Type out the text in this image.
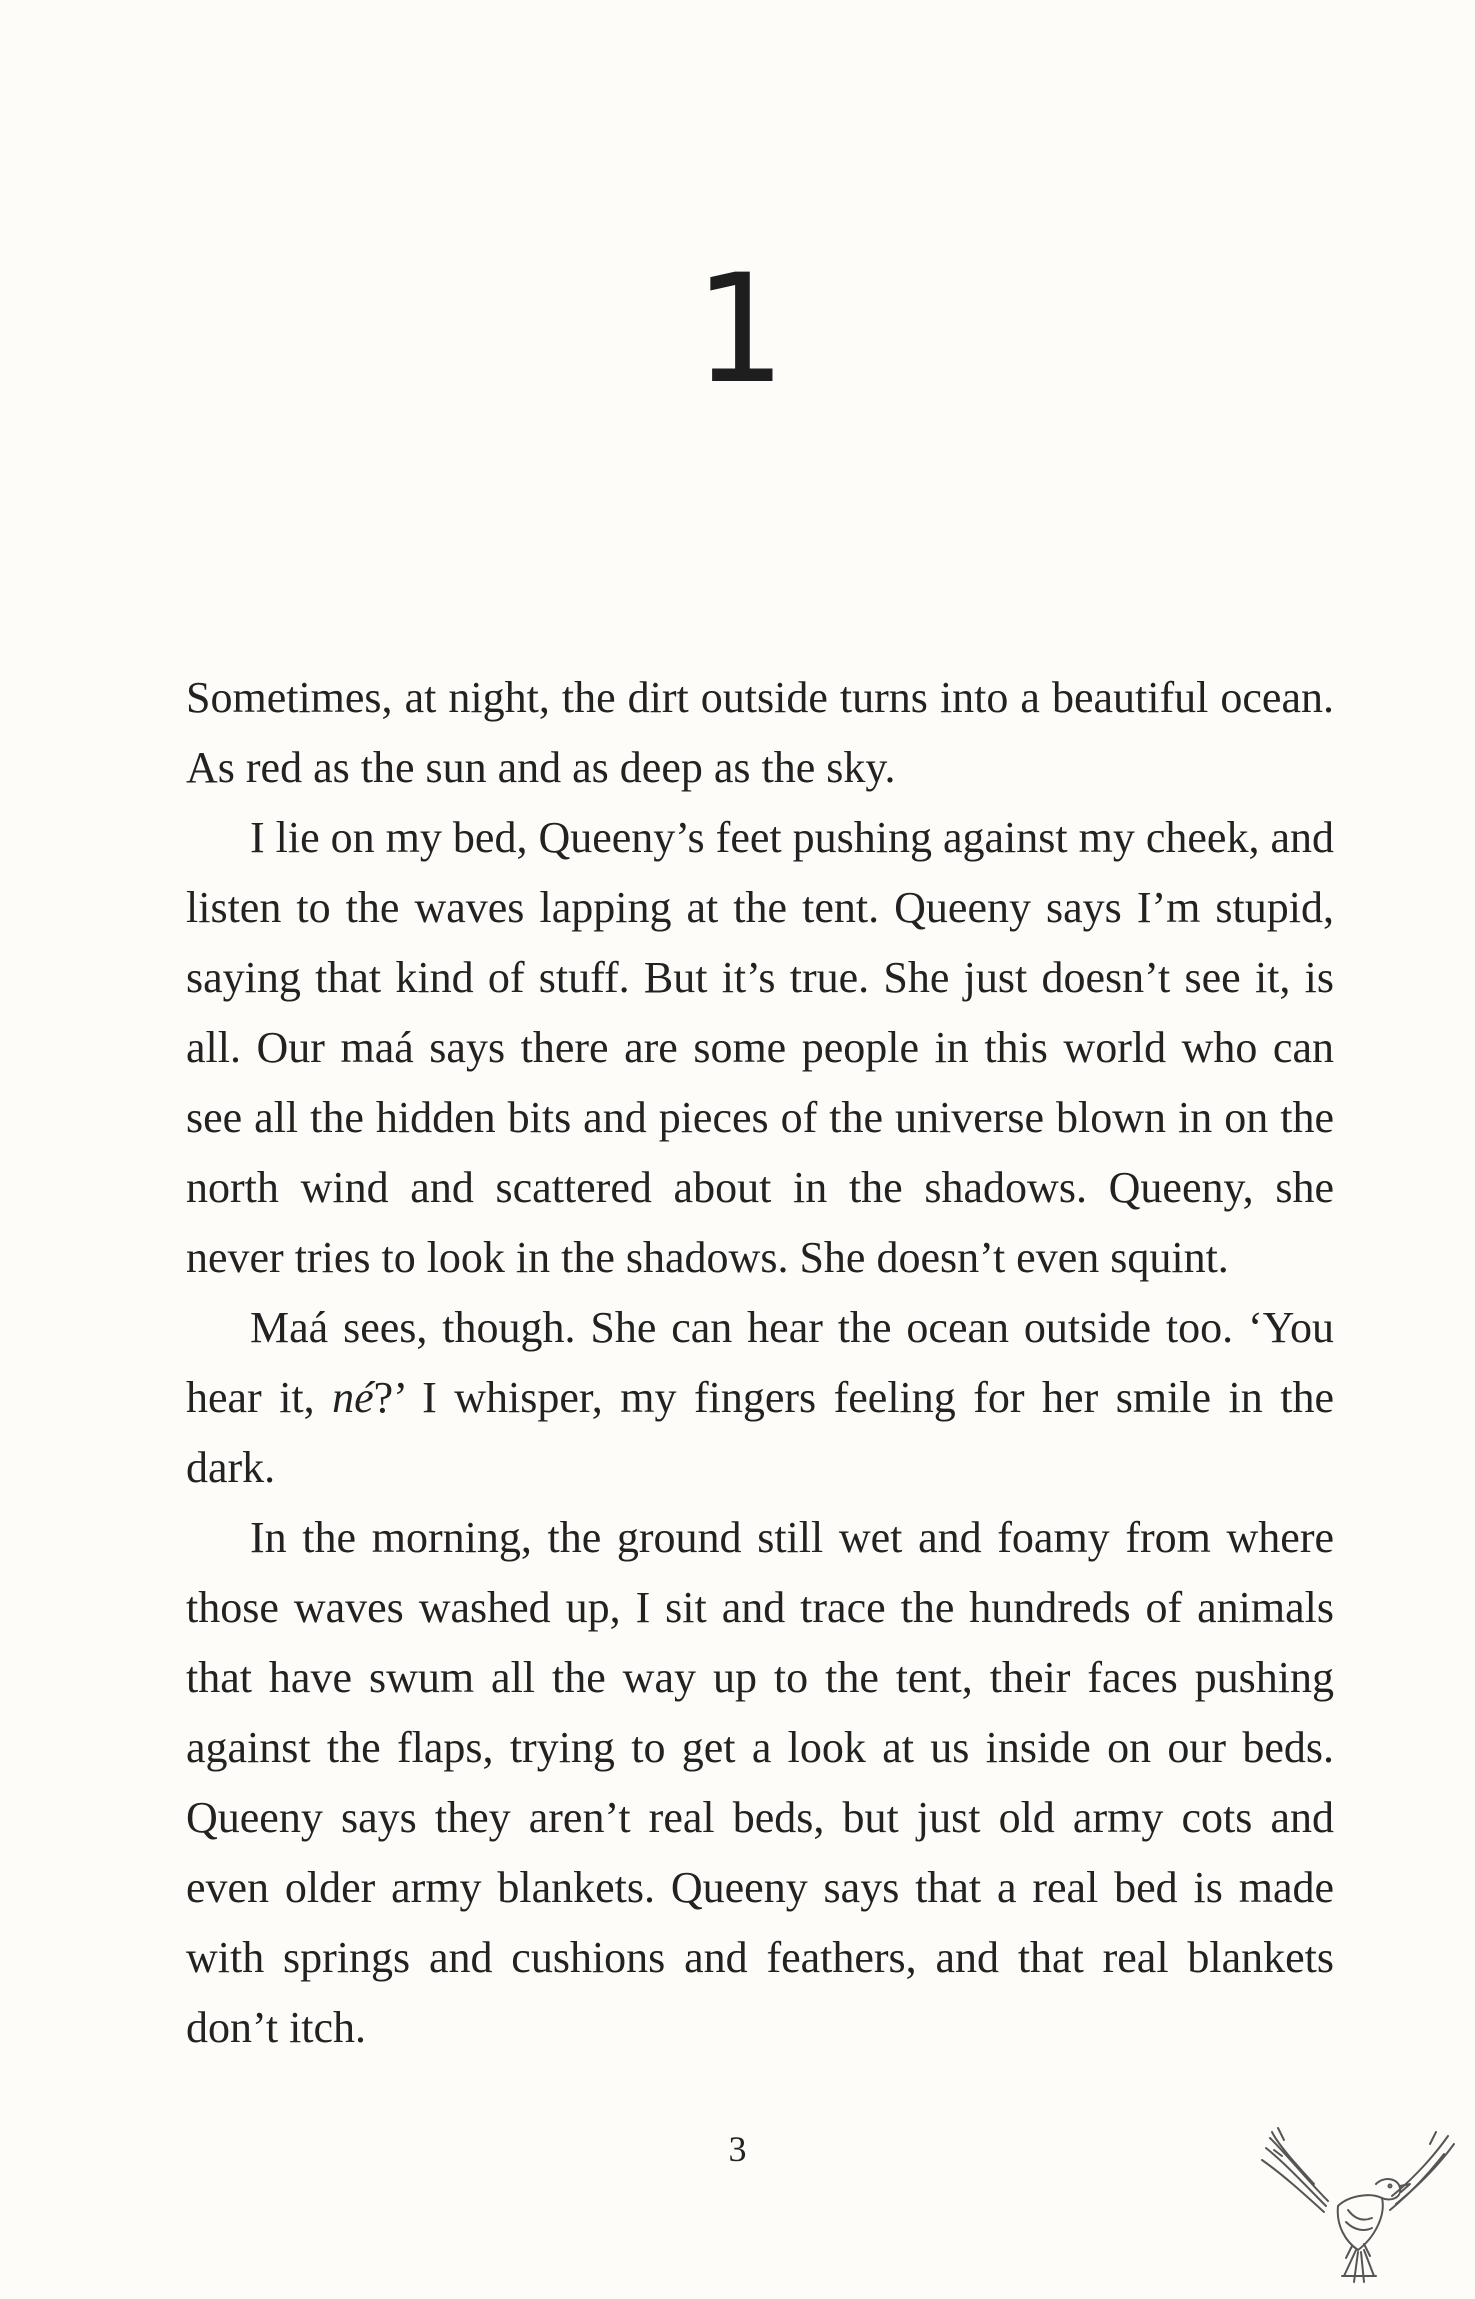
1

Sometimes, at night, the dirt outside turns into a beautiful ocean. As red as the sun and as deep as the sky.

I lie on my bed, Queeny’s feet pushing against my cheek, and listen to the waves lapping at the tent. Queeny says I’m stupid, saying that kind of stuff. But it’s true. She just doesn’t see it, is all. Our maá says there are some people in this world who can see all the hidden bits and pieces of the universe blown in on the north wind and scattered about in the shadows. Queeny, she never tries to look in the shadows. She doesn’t even squint.

Maá sees, though. She can hear the ocean outside too. ‘You hear it, né?’ I whisper, my fingers feeling for her smile in the dark.

In the morning, the ground still wet and foamy from where those waves washed up, I sit and trace the hundreds of animals that have swum all the way up to the tent, their faces pushing against the flaps, trying to get a look at us inside on our beds. Queeny says they aren’t real beds, but just old army cots and even older army blankets. Queeny says that a real bed is made with springs and cushions and feathers, and that real blankets don’t itch.

3
